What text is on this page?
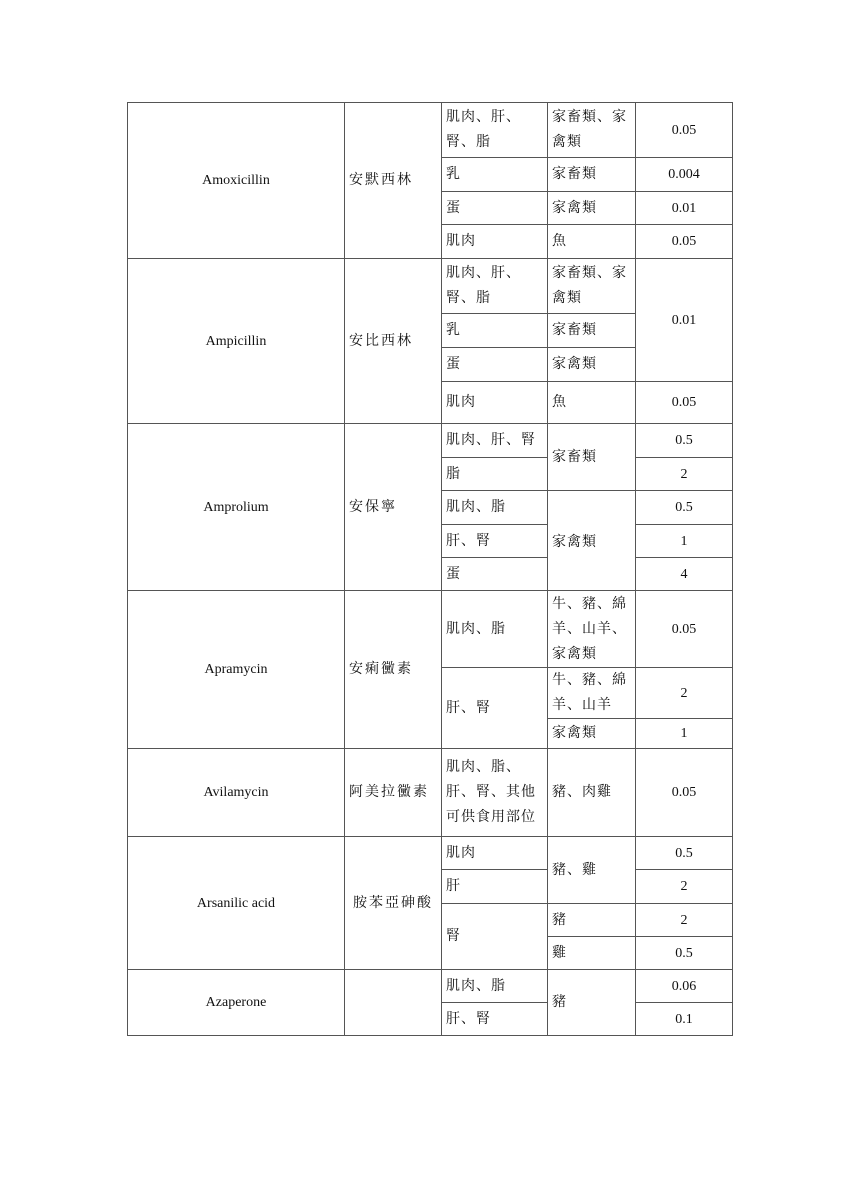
Amoxicillin	安默西林	肌肉、肝、腎、脂	家畜類、家禽類	0.05
		乳	家畜類	0.004
		蛋	家禽類	0.01
		肌肉	魚	0.05
Ampicillin	安比西林	肌肉、肝、腎、脂	家畜類、家禽類	0.01
		乳	家畜類	
		蛋	家禽類	
		肌肉	魚	0.05
Amprolium	安保寧	肌肉、肝、腎	家畜類	0.5
		脂		2
		肌肉、脂	家禽類	0.5
		肝、腎		1
		蛋		4
Apramycin	安痢黴素	肌肉、脂	牛、豬、綿羊、山羊、家禽類	0.05
		肝、腎	牛、豬、綿羊、山羊	2
			家禽類	1
Avilamycin	阿美拉黴素	肌肉、脂、肝、腎、其他可供食用部位	豬、肉雞	0.05
Arsanilic acid	胺苯亞砷酸	肌肉	豬、雞	0.5
		肝		2
		腎	豬	2
			雞	0.5
Azaperone		肌肉、脂	豬	0.06
		肝、腎		0.1
